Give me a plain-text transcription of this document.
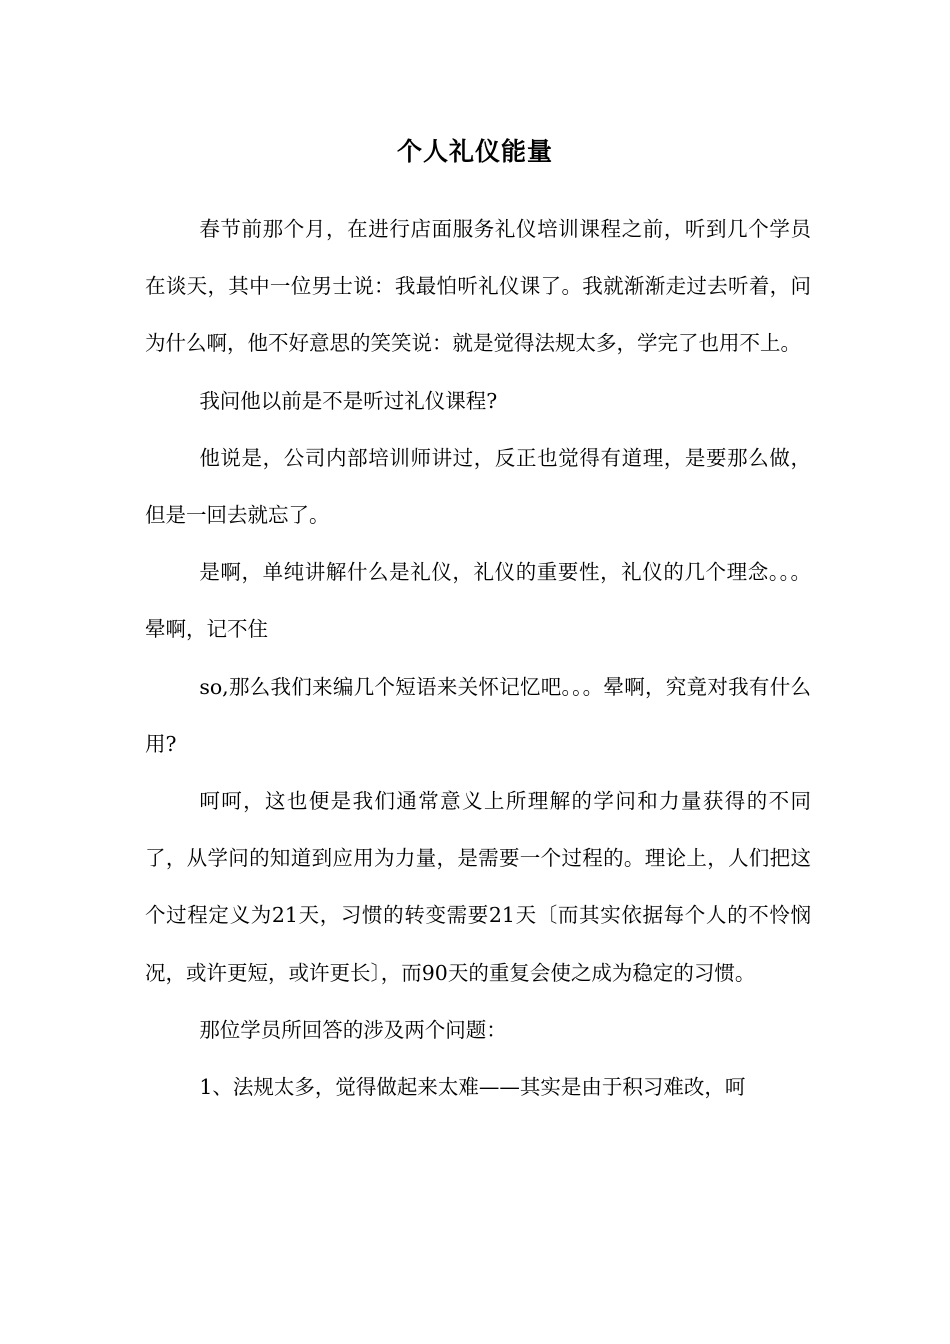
个人礼仪能量

春节前那个月，在进行店面服务礼仪培训课程之前，听到几个学员在谈天，其中一位男士说：我最怕听礼仪课了。我就渐渐走过去听着，问为什么啊，他不好意思的笑笑说：就是觉得法规太多，学完了也用不上。

我问他以前是不是听过礼仪课程?

他说是，公司内部培训师讲过，反正也觉得有道理，是要那么做，但是一回去就忘了。

是啊，单纯讲解什么是礼仪，礼仪的重要性，礼仪的几个理念。。。晕啊，记不住

so,那么我们来编几个短语来关怀记忆吧。。。晕啊，究竟对我有什么用?

呵呵，这也便是我们通常意义上所理解的学问和力量获得的不同了，从学问的知道到应用为力量，是需要一个过程的。理论上，人们把这个过程定义为21天，习惯的转变需要21天〔而其实依据每个人的不怜悯况，或许更短，或许更长〕，而90天的重复会使之成为稳定的习惯。

那位学员所回答的涉及两个问题：

1、法规太多，觉得做起来太难——其实是由于积习难改，呵
